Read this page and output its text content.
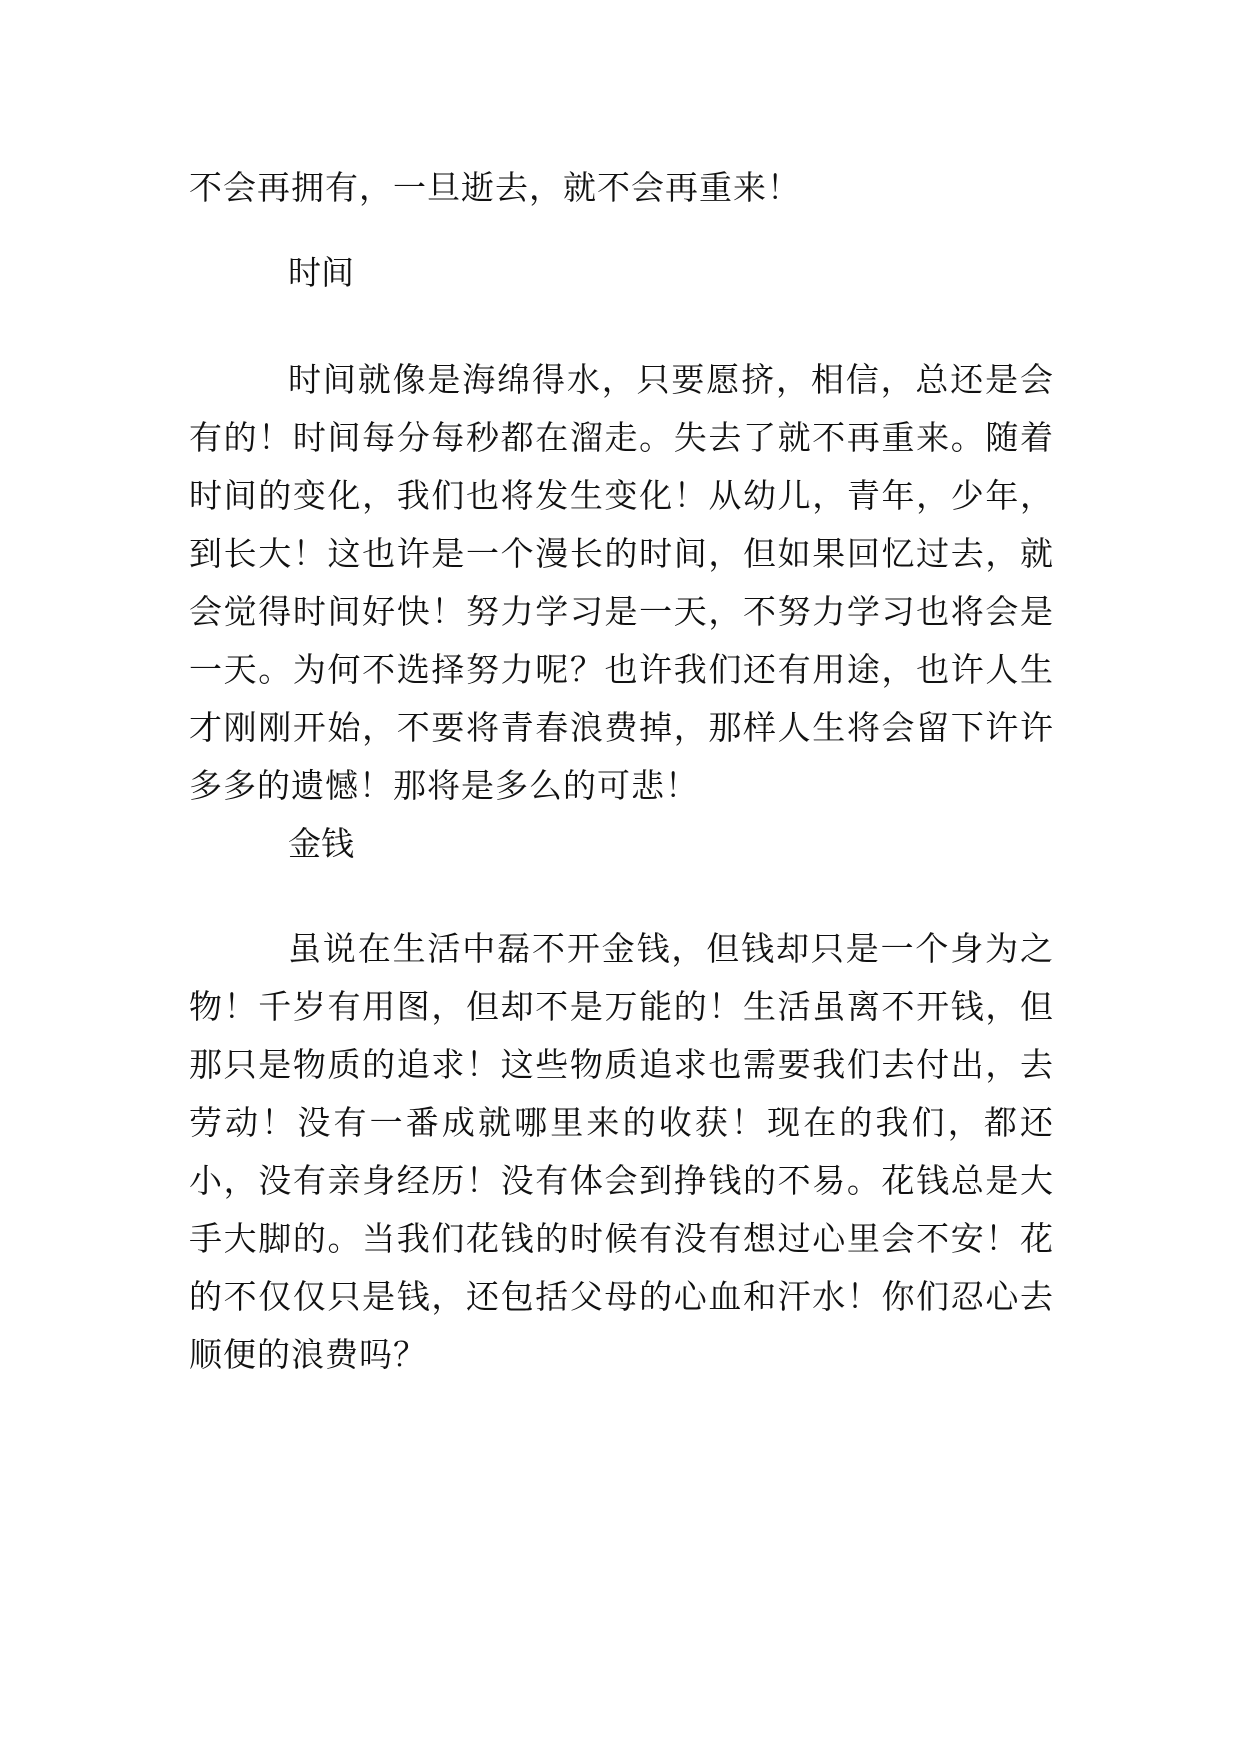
不会再拥有，一旦逝去，就不会再重来！

时间

时间就像是海绵得水，只要愿挤，相信，总还是会有的！时间每分每秒都在溜走。失去了就不再重来。随着时间的变化，我们也将发生变化！从幼儿，青年，少年，到长大！这也许是一个漫长的时间，但如果回忆过去，就会觉得时间好快！努力学习是一天，不努力学习也将会是一天。为何不选择努力呢？也许我们还有用途，也许人生才刚刚开始，不要将青春浪费掉，那样人生将会留下许许多多的遗憾！那将是多么的可悲！

金钱

虽说在生活中磊不开金钱，但钱却只是一个身为之物！千岁有用图，但却不是万能的！生活虽离不开钱，但那只是物质的追求！这些物质追求也需要我们去付出，去劳动！没有一番成就哪里来的收获！现在的我们，都还小，没有亲身经历！没有体会到挣钱的不易。花钱总是大手大脚的。当我们花钱的时候有没有想过心里会不安！花的不仅仅只是钱，还包括父母的心血和汗水！你们忍心去顺便的浪费吗？
